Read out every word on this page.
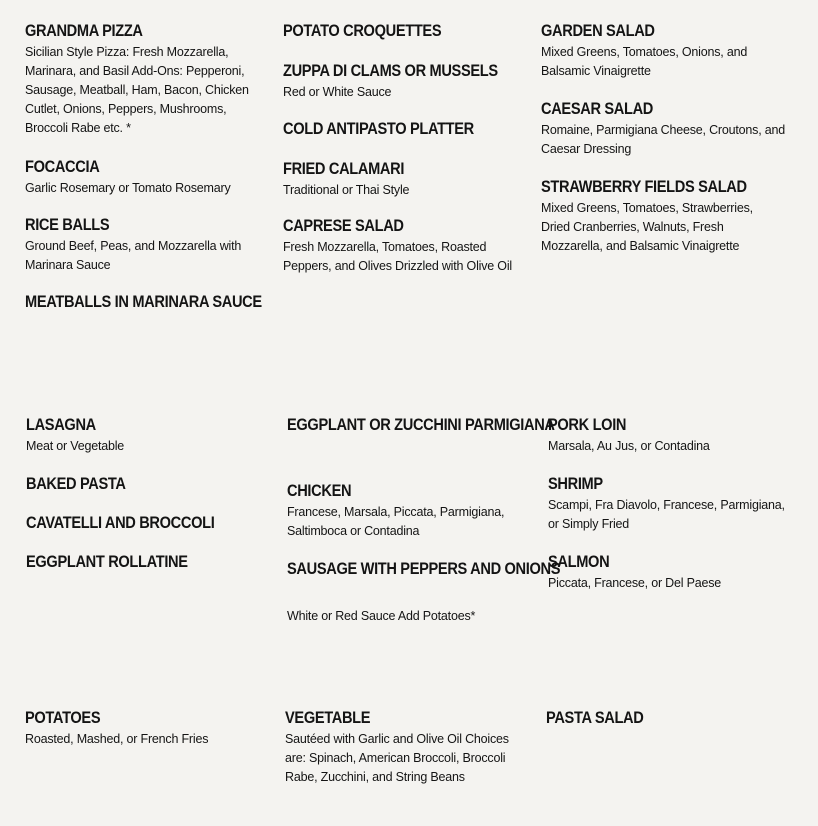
GRANDMA PIZZA
Sicilian Style Pizza: Fresh Mozzarella, Marinara, and Basil Add-Ons: Pepperoni, Sausage, Meatball, Ham, Bacon, Chicken Cutlet, Onions, Peppers, Mushrooms, Broccoli Rabe etc. *
FOCACCIA
Garlic Rosemary or Tomato Rosemary
RICE BALLS
Ground Beef, Peas, and Mozzarella with Marinara Sauce
MEATBALLS IN MARINARA SAUCE
POTATO CROQUETTES
ZUPPA DI CLAMS OR MUSSELS
Red or White Sauce
COLD ANTIPASTO PLATTER
FRIED CALAMARI
Traditional or Thai Style
CAPRESE SALAD
Fresh Mozzarella, Tomatoes, Roasted Peppers, and Olives Drizzled with Olive Oil
GARDEN SALAD
Mixed Greens, Tomatoes, Onions, and Balsamic Vinaigrette
CAESAR SALAD
Romaine, Parmigiana Cheese, Croutons, and Caesar Dressing
STRAWBERRY FIELDS SALAD
Mixed Greens, Tomatoes, Strawberries, Dried Cranberries, Walnuts, Fresh Mozzarella, and Balsamic Vinaigrette
LASAGNA
Meat or Vegetable
BAKED PASTA
CAVATELLI AND BROCCOLI
EGGPLANT ROLLATINE
EGGPLANT OR ZUCCHINI PARMIGIANA
CHICKEN
Francese, Marsala, Piccata, Parmigiana, Saltimboca or Contadina
SAUSAGE WITH PEPPERS AND ONIONS
White or Red Sauce Add Potatoes*
PORK LOIN
Marsala, Au Jus, or Contadina
SHRIMP
Scampi, Fra Diavolo, Francese, Parmigiana, or Simply Fried
SALMON
Piccata, Francese, or Del Paese
POTATOES
Roasted, Mashed, or French Fries
VEGETABLE
Sautéed with Garlic and Olive Oil Choices are: Spinach, American Broccoli, Broccoli Rabe, Zucchini, and String Beans
PASTA SALAD
